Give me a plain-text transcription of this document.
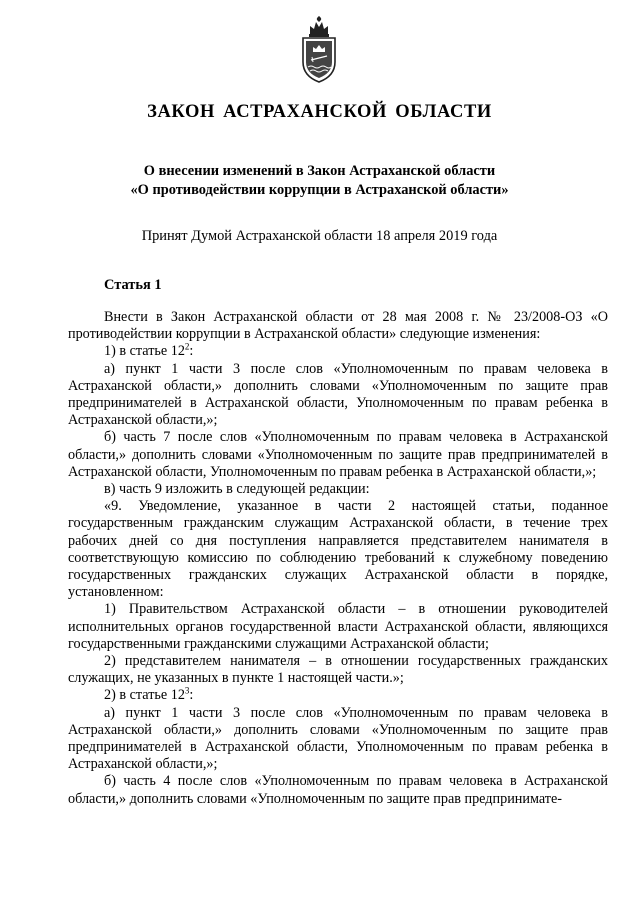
ЗАКОН АСТРАХАНСКОЙ ОБЛАСТИ
О внесении изменений в Закон Астраханской области
«О противодействии коррупции в Астраханской области»
Принят Думой Астраханской области 18 апреля 2019 года
Статья 1

Внести в Закон Астраханской области от 28 мая 2008 г. № 23/2008-ОЗ «О противодействии коррупции в Астраханской области» следующие изменения:

1) в статье $12^2$:

а) пункт 1 части 3 после слов «Уполномоченным по правам человека в Астраханской области,» дополнить словами «Уполномоченным по защите прав предпринимателей в Астраханской области, Уполномоченным по правам ребенка в Астраханской области,»;

б) часть 7 после слов «Уполномоченным по правам человека в Астраханской области,» дополнить словами «Уполномоченным по защите прав предпринимателей в Астраханской области, Уполномоченным по правам ребенка в Астраханской области,»;

в) часть 9 изложить в следующей редакции:

«9. Уведомление, указанное в части 2 настоящей статьи, поданное государственным гражданским служащим Астраханской области, в течение трех рабочих дней со дня поступления направляется представителем нанимателя в соответствующую комиссию по соблюдению требований к служебному поведению государственных гражданских служащих Астраханской области в порядке, установленном:

1) Правительством Астраханской области – в отношении руководителей исполнительных органов государственной власти Астраханской области, являющихся государственными гражданскими служащими Астраханской области;

2) представителем нанимателя – в отношении государственных гражданских служащих, не указанных в пункте 1 настоящей части.»;

2) в статье $12^3$:

а) пункт 1 части 3 после слов «Уполномоченным по правам человека в Астраханской области,» дополнить словами «Уполномоченным по защите прав предпринимателей в Астраханской области, Уполномоченным по правам ребенка в Астраханской области,»;

б) часть 4 после слов «Уполномоченным по правам человека в Астраханской области,» дополнить словами «Уполномоченным по защите прав предпринимате-
